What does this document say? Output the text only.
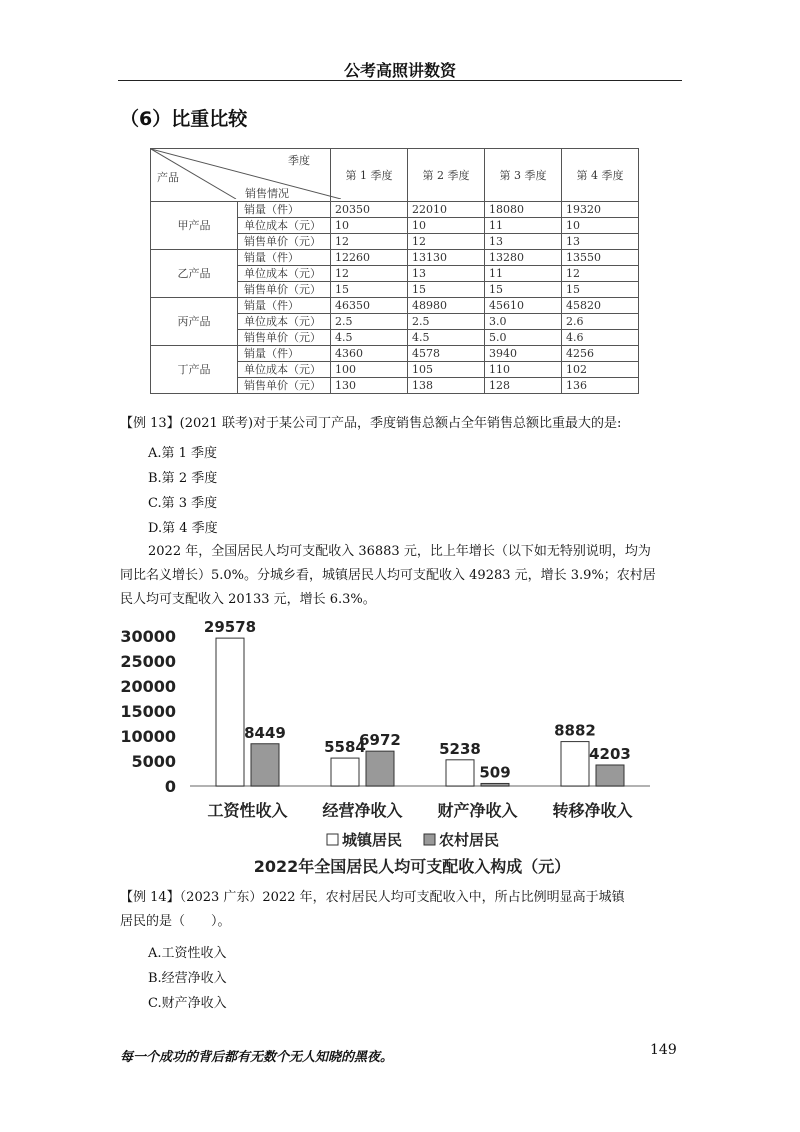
公考高照讲数资
（6）比重比较
季度
产品
销售情况		第 1 季度	第 2 季度	第 3 季度	第 4 季度
甲产品	销量（件）	20350	22010	18080	19320
	单位成本（元）	10	10	11	10
	销售单价（元）	12	12	13	13
乙产品	销量（件）	12260	13130	13280	13550
	单位成本（元）	12	13	11	12
	销售单价（元）	15	15	15	15
丙产品	销量（件）	46350	48980	45610	45820
	单位成本（元）	2.5	2.5	3.0	2.6
	销售单价（元）	4.5	4.5	5.0	4.6
丁产品	销量（件）	4360	4578	3940	4256
	单位成本（元）	100	105	110	102
	销售单价（元）	130	138	128	136
【例 13】(2021 联考)对于某公司丁产品，季度销售总额占全年销售总额比重最大的是:
A.第 1 季度
B.第 2 季度
C.第 3 季度
D.第 4 季度
2022 年，全国居民人均可支配收入 36883 元，比上年增长（以下如无特别说明，均为
同比名义增长）5.0%。分城乡看，城镇居民人均可支配收入 49283 元，增长 3.9%；农村居
民人均可支配收入 20133 元，增长 6.3%。
30000
25000
20000
15000
10000
5000
0
29578
8449
工资性收入
5584
6972
经营净收入
5238
509
财产净收入
8882
4203
转移净收入
城镇居民 农村居民
2022年全国居民人均可支配收入构成（元）
【例 14】（2023 广东）2022 年，农村居民人均可支配收入中，所占比例明显高于城镇
居民的是（　　）。
A.工资性收入
B.经营净收入
C.财产净收入
每一个成功的背后都有无数个无人知晓的黑夜。	149
